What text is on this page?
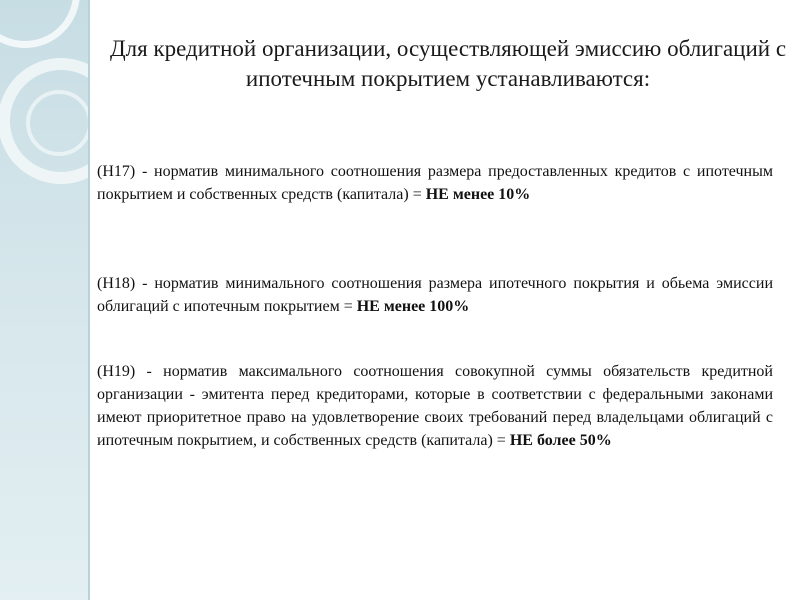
Для кредитной организации, осуществляющей эмиссию облигаций с ипотечным покрытием устанавливаются:

(Н17) - норматив минимального соотношения размера предоставленных кредитов с ипотечным покрытием и собственных средств (капитала) = НЕ менее 10%

(Н18) - норматив минимального соотношения размера ипотечного покрытия и обьема эмиссии облигаций с ипотечным покрытием = НЕ менее 100%

(Н19) - норматив максимального соотношения совокупной суммы обязательств кредитной организации - эмитента перед кредиторами, которые в соответствии с федеральными законами имеют приоритетное право на удовлетворение своих требований перед владельцами облигаций с ипотечным покрытием, и собственных средств (капитала) = НЕ более 50%
